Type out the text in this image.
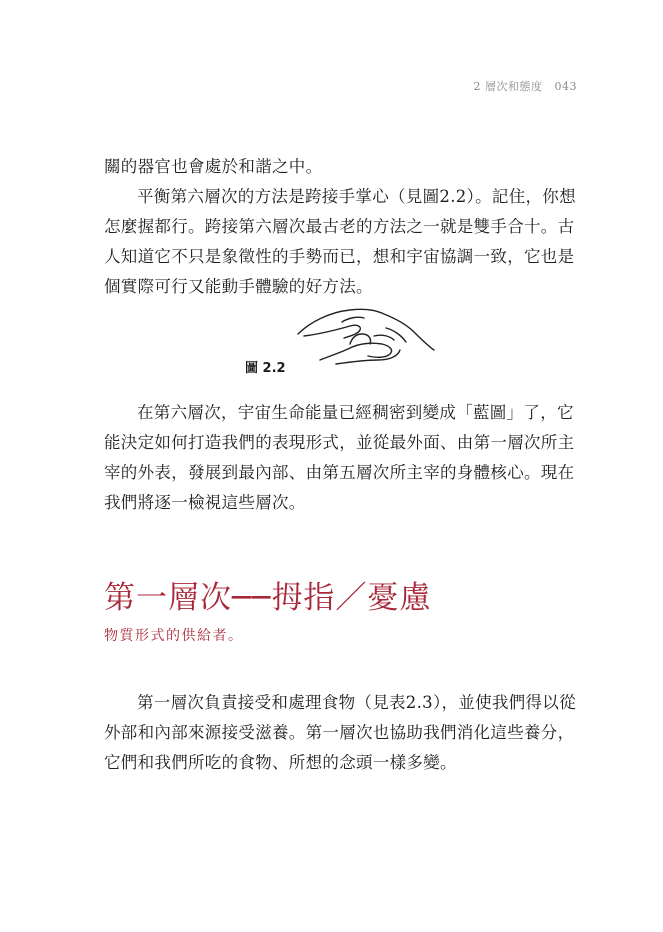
2 層次和態度 043

關的器官也會處於和諧之中。

平衡第六層次的方法是跨接手掌心（見圖2.2）。記住，你想怎麼握都行。跨接第六層次最古老的方法之一就是雙手合十。古人知道它不只是象徵性的手勢而已，想和宇宙協調一致，它也是個實際可行又能動手體驗的好方法。

圖 2.2

在第六層次，宇宙生命能量已經稠密到變成「藍圖」了，它能決定如何打造我們的表現形式，並從最外面、由第一層次所主宰的外表，發展到最內部、由第五層次所主宰的身體核心。現在我們將逐一檢視這些層次。

第一層次──拇指／憂慮
物質形式的供給者。

第一層次負責接受和處理食物（見表2.3），並使我們得以從外部和內部來源接受滋養。第一層次也協助我們消化這些養分，它們和我們所吃的食物、所想的念頭一樣多變。
